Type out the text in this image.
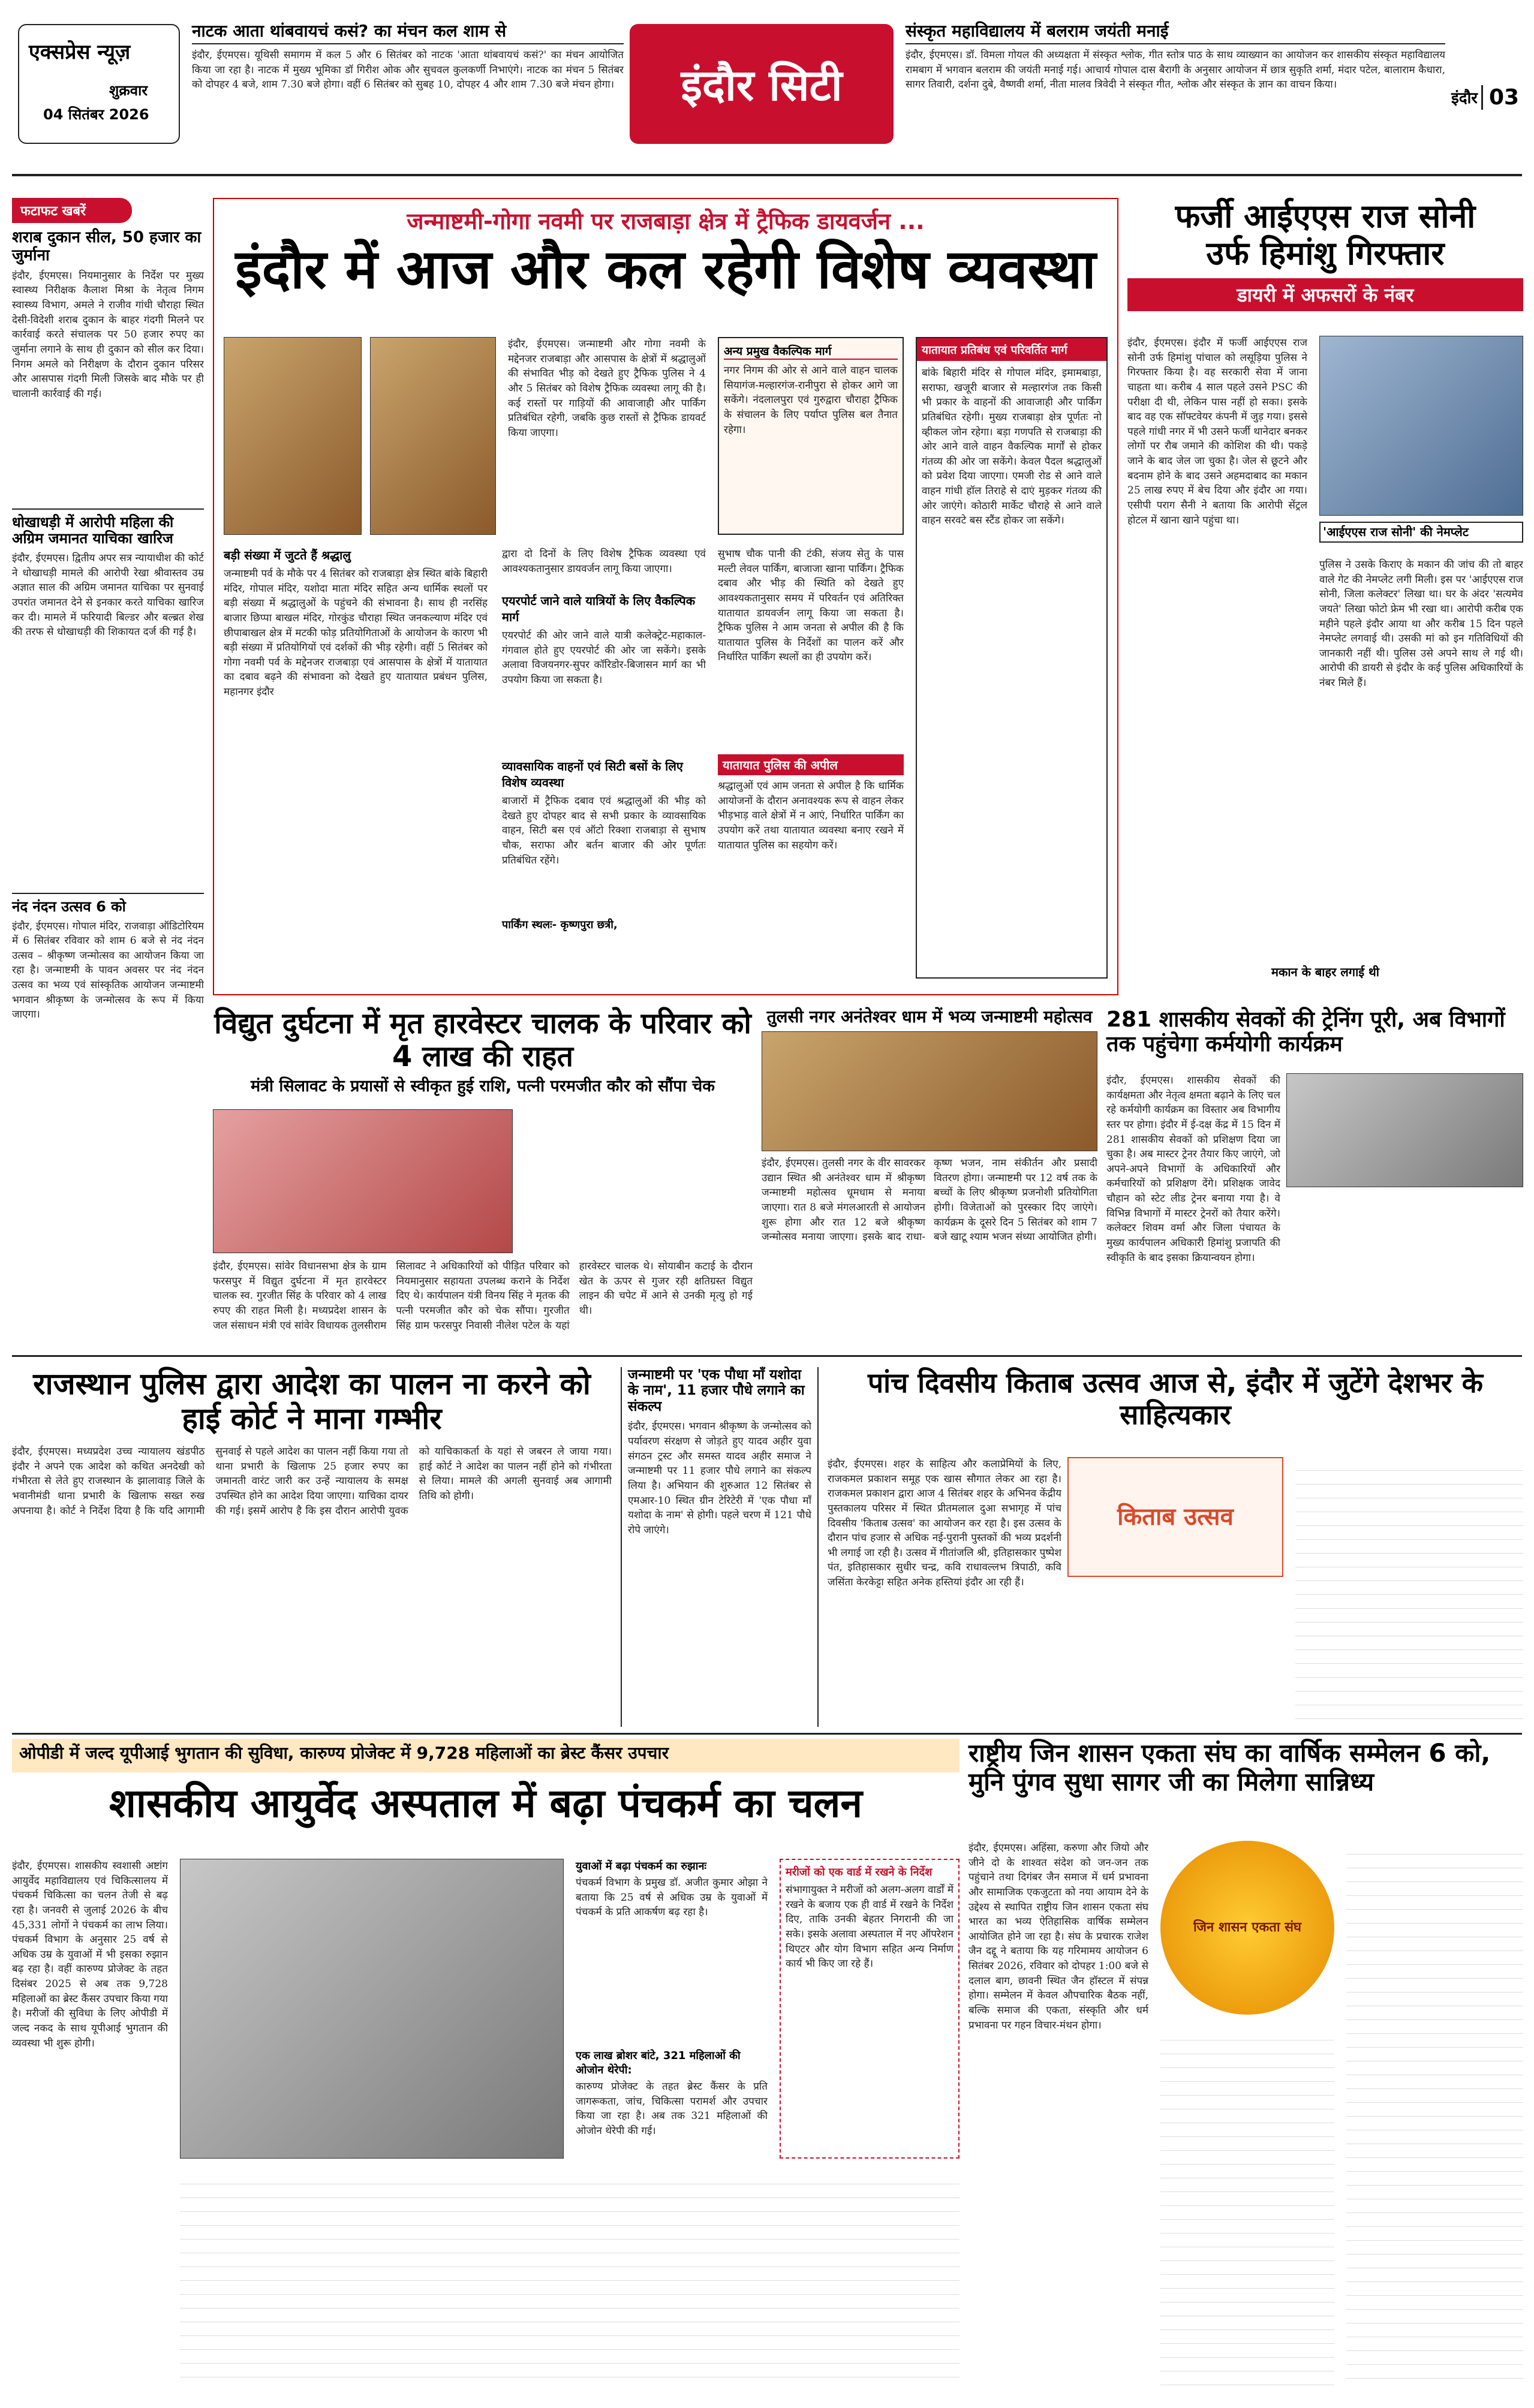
एक्सप्रेस न्यूज़
शुक्रवार
04 सितंबर 2026
नाटक आता थांबवायचं कसं? का मंचन कल शाम से
इंदौर, ईएमएस। यूथिसी समागम में कल 5 और 6 सितंबर को नाटक 'आता थांबवायचं कसं?' का मंचन आयोजित किया जा रहा है। नाटक में मुख्य भूमिका डॉ गिरीश ओक और सुचवल कुलकर्णी निभाएंगे। नाटक का मंचन 5 सितंबर को दोपहर 4 बजे, शाम 7.30 बजे होगा। वहीं 6 सितंबर को सुबह 10, दोपहर 4 और शाम 7.30 बजे मंचन होगा। इंदौर सिटी
संस्कृत महाविद्यालय में बलराम जयंती मनाई
इंदौर, ईएमएस। डॉ. विमला गोयल की अध्यक्षता में संस्कृत श्लोक, गीत स्तोत्र पाठ के साथ व्याख्यान का आयोजन कर शासकीय संस्कृत महाविद्यालय रामबाग में भगवान बलराम की जयंती मनाई गई। आचार्य गोपाल दास बैरागी के अनुसार आयोजन में छात्र सुकृति शर्मा, मंदार पटेल, बालाराम कैधारा, सागर तिवारी, दर्शना दुबे, वैष्णवी शर्मा, नीता मालव त्रिवेदी ने संस्कृत गीत, श्लोक और संस्कृत के ज्ञान का वाचन किया।
इंदौर 03
फटाफट खबरें
शराब दुकान सील, 50 हजार का जुर्माना
इंदौर, ईएमएस। नियमानुसार के निर्देश पर मुख्य स्वास्थ्य निरीक्षक कैलाश मिश्रा के नेतृत्व निगम स्वास्थ्य विभाग, अमले ने राजीव गांधी चौराहा स्थित देसी-विदेशी शराब दुकान के बाहर गंदगी मिलने पर कार्रवाई करते संचालक पर 50 हजार रुपए का जुर्माना लगाने के साथ ही दुकान को सील कर दिया। निगम अमले को निरीक्षण के दौरान दुकान परिसर और आसपास गंदगी मिली जिसके बाद मौके पर ही चालानी कार्रवाई की गई।
धोखाधड़ी में आरोपी महिला की अग्रिम जमानत याचिका खारिज
इंदौर, ईएमएस। द्वितीय अपर सत्र न्यायाधीश की कोर्ट ने धोखाधड़ी मामले की आरोपी रेखा श्रीवास्तव उम्र अज्ञात साल की अग्रिम जमानत याचिका पर सुनवाई उपरांत जमानत देने से इनकार करते याचिका खारिज कर दी। मामले में फरियादी बिल्डर और बल्ब्रत शेख की तरफ से धोखाधड़ी की शिकायत दर्ज की गई है।
नंद नंदन उत्सव 6 को
इंदौर, ईएमएस। गोपाल मंदिर, राजवाड़ा ऑडिटोरियम में 6 सितंबर रविवार को शाम 6 बजे से नंद नंदन उत्सव – श्रीकृष्ण जन्मोत्सव का आयोजन किया जा रहा है। जन्माष्टमी के पावन अवसर पर नंद नंदन उत्सव का भव्य एवं सांस्कृतिक आयोजन जन्माष्टमी भगवान श्रीकृष्ण के जन्मोत्सव के रूप में किया जाएगा।
जन्माष्टमी-गोगा नवमी पर राजबाड़ा क्षेत्र में ट्रैफिक डायवर्जन ...
इंदौर में आज और कल रहेगी विशेष व्यवस्था
इंदौर, ईएमएस। जन्माष्टमी और गोगा नवमी के मद्देनजर राजबाड़ा और आसपास के क्षेत्रों में श्रद्धालुओं की संभावित भीड़ को देखते हुए ट्रैफिक पुलिस ने 4 और 5 सितंबर को विशेष ट्रैफिक व्यवस्था लागू की है। कई रास्तों पर गाड़ियों की आवाजाही और पार्किंग प्रतिबंधित रहेगी, जबकि कुछ रास्तों से ट्रैफिक डायवर्ट किया जाएगा।
बड़ी संख्या में जुटते हैं श्रद्धालु
जन्माष्टमी पर्व के मौके पर 4 सितंबर को राजबाड़ा क्षेत्र स्थित बांके बिहारी मंदिर, गोपाल मंदिर, यशोदा माता मंदिर सहित अन्य धार्मिक स्थलों पर बड़ी संख्या में श्रद्धालुओं के पहुंचने की संभावना है। साथ ही नरसिंह बाजार छिप्पा बाखल मंदिर, गोरकुंड चौराहा स्थित जनकल्याण मंदिर एवं छीपाबाखल क्षेत्र में मटकी फोड़ प्रतियोगिताओं के आयोजन के कारण भी बड़ी संख्या में प्रतियोगियों एवं दर्शकों की भीड़ रहेगी। वहीं 5 सितंबर को गोगा नवमी पर्व के मद्देनजर राजबाड़ा एवं आसपास के क्षेत्रों में यातायात का दबाव बढ़ने की संभावना को देखते हुए यातायात प्रबंधन पुलिस, महानगर इंदौर
द्वारा दो दिनों के लिए विशेष ट्रैफिक व्यवस्था एवं आवश्यकतानुसार डायवर्जन लागू किया जाएगा।
एयरपोर्ट जाने वाले यात्रियों के लिए वैकल्पिक मार्ग
एयरपोर्ट की ओर जाने वाले यात्री कलेक्ट्रेट-महाकाल-गंगवाल होते हुए एयरपोर्ट की ओर जा सकेंगे। इसके अलावा विजयनगर-सुपर कॉरिडोर-बिजासन मार्ग का भी उपयोग किया जा सकता है।
व्यावसायिक वाहनों एवं सिटी बसों के लिए विशेष व्यवस्था
बाजारों में ट्रैफिक दबाव एवं श्रद्धालुओं की भीड़ को देखते हुए दोपहर बाद से सभी प्रकार के व्यावसायिक वाहन, सिटी बस एवं ऑटो रिक्शा राजबाड़ा से सुभाष चौक, सराफा और बर्तन बाजार की ओर पूर्णतः प्रतिबंधित रहेंगे।
पार्किंग स्थलः- कृष्णपुरा छत्री,
अन्य प्रमुख वैकल्पिक मार्ग
नगर निगम की ओर से आने वाले वाहन चालक सियागंज-मल्हारगंज-रानीपुरा से होकर आगे जा सकेंगे। नंदलालपुरा एवं गुरुद्वारा चौराहा ट्रैफिक के संचालन के लिए पर्याप्त पुलिस बल तैनात रहेगा।
सुभाष चौक पानी की टंकी, संजय सेतु के पास मल्टी लेवल पार्किंग, बाजाजा खाना पार्किंग। ट्रैफिक दबाव और भीड़ की स्थिति को देखते हुए आवश्यकतानुसार समय में परिवर्तन एवं अतिरिक्त यातायात डायवर्जन लागू किया जा सकता है। ट्रैफिक पुलिस ने आम जनता से अपील की है कि यातायात पुलिस के निर्देशों का पालन करें और निर्धारित पार्किंग स्थलों का ही उपयोग करें।
यातायात पुलिस की अपील
श्रद्धालुओं एवं आम जनता से अपील है कि धार्मिक आयोजनों के दौरान अनावश्यक रूप से वाहन लेकर भीड़भाड़ वाले क्षेत्रों में न आएं, निर्धारित पार्किंग का उपयोग करें तथा यातायात व्यवस्था बनाए रखने में यातायात पुलिस का सहयोग करें।
यातायात प्रतिबंध एवं परिवर्तित मार्ग
बांके बिहारी मंदिर से गोपाल मंदिर, इमामबाड़ा, सराफा, खजूरी बाजार से मल्हारगंज तक किसी भी प्रकार के वाहनों की आवाजाही और पार्किंग प्रतिबंधित रहेगी। मुख्य राजबाड़ा क्षेत्र पूर्णतः नो व्हीकल जोन रहेगा। बड़ा गणपति से राजबाड़ा की ओर आने वाले वाहन वैकल्पिक मार्गों से होकर गंतव्य की ओर जा सकेंगे। केवल पैदल श्रद्धालुओं को प्रवेश दिया जाएगा। एमजी रोड से आने वाले वाहन गांधी हॉल तिराहे से दाएं मुड़कर गंतव्य की ओर जाएंगे। कोठारी मार्केट चौराहे से आने वाले वाहन सरवटे बस स्टैंड होकर जा सकेंगे।
फर्जी आईएएस राज सोनी
उर्फ हिमांशु गिरफ्तार
डायरी में अफसरों के नंबर
इंदौर, ईएमएस। इंदौर में फर्जी आईएएस राज सोनी उर्फ हिमांशु पांचाल को लसूड़िया पुलिस ने गिरफ्तार किया है। वह सरकारी सेवा में जाना चाहता था। करीब 4 साल पहले उसने PSC की परीक्षा दी थी, लेकिन पास नहीं हो सका। इसके बाद वह एक सॉफ्टवेयर कंपनी में जुड़ गया। इससे पहले गांधी नगर में भी उसने फर्जी थानेदार बनकर लोगों पर रौब जमाने की कोशिश की थी। पकड़े जाने के बाद जेल जा चुका है। जेल से छूटने और बदनाम होने के बाद उसने अहमदाबाद का मकान 25 लाख रुपए में बेच दिया और इंदौर आ गया। एसीपी पराग सैनी ने बताया कि आरोपी सेंट्रल होटल में खाना खाने पहुंचा था।
'आईएएस राज सोनी' की नेमप्लेट
पुलिस ने उसके किराए के मकान की जांच की तो बाहर वाले गेट की नेमप्लेट लगी मिली। इस पर 'आईएएस राज सोनी, जिला कलेक्टर' लिखा था। घर के अंदर 'सत्यमेव जयते' लिखा फोटो फ्रेम भी रखा था। आरोपी करीब एक महीने पहले इंदौर आया था और करीब 15 दिन पहले नेमप्लेट लगवाई थी। उसकी मां को इन गतिविधियों की जानकारी नहीं थी। पुलिस उसे अपने साथ ले गई थी। आरोपी की डायरी से इंदौर के कई पुलिस अधिकारियों के नंबर मिले हैं।
मकान के बाहर लगाई थी
विद्युत दुर्घटना में मृत हारवेस्टर चालक के परिवार को 4 लाख की राहत
मंत्री सिलावट के प्रयासों से स्वीकृत हुई राशि, पत्नी परमजीत कौर को सौंपा चेक
इंदौर, ईएमएस। सांवेर विधानसभा क्षेत्र के ग्राम फरसपुर में विद्युत दुर्घटना में मृत हारवेस्टर चालक स्व. गुरजीत सिंह के परिवार को 4 लाख रुपए की राहत मिली है। मध्यप्रदेश शासन के जल संसाधन मंत्री एवं सांवेर विधायक तुलसीराम सिलावट ने अधिकारियों को पीड़ित परिवार को नियमानुसार सहायता उपलब्ध कराने के निर्देश दिए थे। कार्यपालन यंत्री विनय सिंह ने मृतक की पत्नी परमजीत कौर को चेक सौंपा। गुरजीत सिंह ग्राम फरसपुर निवासी नीलेश पटेल के यहां हारवेस्टर चालक थे। सोयाबीन कटाई के दौरान खेत के ऊपर से गुजर रही क्षतिग्रस्त विद्युत लाइन की चपेट में आने से उनकी मृत्यु हो गई थी।
तुलसी नगर अनंतेश्वर धाम में भव्य जन्माष्टमी महोत्सव
इंदौर, ईएमएस। तुलसी नगर के वीर सावरकर उद्यान स्थित श्री अनंतेश्वर धाम में श्रीकृष्ण जन्माष्टमी महोत्सव धूमधाम से मनाया जाएगा। रात 8 बजे मंगलआरती से आयोजन शुरू होगा और रात 12 बजे श्रीकृष्ण जन्मोत्सव मनाया जाएगा। इसके बाद राधा-कृष्ण भजन, नाम संकीर्तन और प्रसादी वितरण होगा। जन्माष्टमी पर 12 वर्ष तक के बच्चों के लिए श्रीकृष्ण प्रजनोशी प्रतियोगिता होगी। विजेताओं को पुरस्कार दिए जाएंगे। कार्यक्रम के दूसरे दिन 5 सितंबर को शाम 7 बजे खाटू श्याम भजन संध्या आयोजित होगी।
281 शासकीय सेवकों की ट्रेनिंग पूरी, अब विभागों तक पहुंचेगा कर्मयोगी कार्यक्रम
इंदौर, ईएमएस। शासकीय सेवकों की कार्यक्षमता और नेतृत्व क्षमता बढ़ाने के लिए चल रहे कर्मयोगी कार्यक्रम का विस्तार अब विभागीय स्तर पर होगा। इंदौर में ई-दक्ष केंद्र में 15 दिन में 281 शासकीय सेवकों को प्रशिक्षण दिया जा चुका है। अब मास्टर ट्रेनर तैयार किए जाएंगे, जो अपने-अपने विभागों के अधिकारियों और कर्मचारियों को प्रशिक्षण देंगे। प्रशिक्षक जावेद चौहान को स्टेट लीड ट्रेनर बनाया गया है। वे विभिन्न विभागों में मास्टर ट्रेनरों को तैयार करेंगे। कलेक्टर शिवम वर्मा और जिला पंचायत के मुख्य कार्यपालन अधिकारी हिमांशु प्रजापति की स्वीकृति के बाद इसका क्रियान्वयन होगा।
राजस्थान पुलिस द्वारा आदेश का पालन ना करने को हाई कोर्ट ने माना गम्भीर
इंदौर, ईएमएस। मध्यप्रदेश उच्च न्यायालय खंडपीठ इंदौर ने अपने एक आदेश को कथित अनदेखी को गंभीरता से लेते हुए राजस्थान के झालावाड़ जिले के भवानीमंडी थाना प्रभारी के खिलाफ सख्त रुख अपनाया है। कोर्ट ने निर्देश दिया है कि यदि आगामी सुनवाई से पहले आदेश का पालन नहीं किया गया तो थाना प्रभारी के खिलाफ 25 हजार रुपए का जमानती वारंट जारी कर उन्हें न्यायालय के समक्ष उपस्थित होने का आदेश दिया जाएगा। याचिका दायर की गई। इसमें आरोप है कि इस दौरान आरोपी युवक को याचिकाकर्ता के यहां से जबरन ले जाया गया। हाई कोर्ट ने आदेश का पालन नहीं होने को गंभीरता से लिया। मामले की अगली सुनवाई अब आगामी तिथि को होगी।
जन्माष्टमी पर 'एक पौधा माँ यशोदा के नाम', 11 हजार पौधे लगाने का संकल्प
इंदौर, ईएमएस। भगवान श्रीकृष्ण के जन्मोत्सव को पर्यावरण संरक्षण से जोड़ते हुए यादव अहीर युवा संगठन ट्रस्ट और समस्त यादव अहीर समाज ने जन्माष्टमी पर 11 हजार पौधे लगाने का संकल्प लिया है। अभियान की शुरुआत 12 सितंबर से एमआर-10 स्थित ग्रीन टेरिटेरी में 'एक पौधा माँ यशोदा के नाम' से होगी। पहले चरण में 121 पौधे रोपे जाएंगे।
पांच दिवसीय किताब उत्सव आज से, इंदौर में जुटेंगे देशभर के साहित्यकार
किताब उत्सव
इंदौर, ईएमएस। शहर के साहित्य और कलाप्रेमियों के लिए, राजकमल प्रकाशन समूह एक खास सौगात लेकर आ रहा है। राजकमल प्रकाशन द्वारा आज 4 सितंबर शहर के अभिनव केंद्रीय पुस्तकालय परिसर में स्थित प्रीतमलाल दुआ सभागृह में पांच दिवसीय 'किताब उत्सव' का आयोजन कर रहा है। इस उत्सव के दौरान पांच हजार से अधिक नई-पुरानी पुस्तकों की भव्य प्रदर्शनी भी लगाई जा रही है। उत्सव में गीतांजलि श्री, इतिहासकार पुष्पेश पंत, इतिहासकार सुधीर चन्द्र, कवि राधावल्लभ त्रिपाठी, कवि जसिंता केरकेट्टा सहित अनेक हस्तियां इंदौर आ रही हैं।
ओपीडी में जल्द यूपीआई भुगतान की सुविधा, कारुण्य प्रोजेक्ट में 9,728 महिलाओं का ब्रेस्ट कैंसर उपचार
शासकीय आयुर्वेद अस्पताल में बढ़ा पंचकर्म का चलन
इंदौर, ईएमएस। शासकीय स्वशासी अष्टांग आयुर्वेद महाविद्यालय एवं चिकित्सालय में पंचकर्म चिकित्सा का चलन तेजी से बढ़ रहा है। जनवरी से जुलाई 2026 के बीच 45,331 लोगों ने पंचकर्म का लाभ लिया। पंचकर्म विभाग के अनुसार 25 वर्ष से अधिक उम्र के युवाओं में भी इसका रुझान बढ़ रहा है। वहीं कारुण्य प्रोजेक्ट के तहत दिसंबर 2025 से अब तक 9,728 महिलाओं का ब्रेस्ट कैंसर उपचार किया गया है। मरीजों की सुविधा के लिए ओपीडी में जल्द नकद के साथ यूपीआई भुगतान की व्यवस्था भी शुरू होगी।
युवाओं में बढ़ा पंचकर्म का रुझानः
पंचकर्म विभाग के प्रमुख डॉ. अजीत कुमार ओझा ने बताया कि 25 वर्ष से अधिक उम्र के युवाओं में पंचकर्म के प्रति आकर्षण बढ़ रहा है।
एक लाख ब्रोशर बांटे, 321 महिलाओं की ओजोन थेरेपी:
कारुण्य प्रोजेक्ट के तहत ब्रेस्ट कैंसर के प्रति जागरूकता, जांच, चिकित्सा परामर्श और उपचार किया जा रहा है। अब तक 321 महिलाओं की ओजोन थेरेपी की गई।
मरीजों को एक वार्ड में रखने के निर्देश
संभागायुक्त ने मरीजों को अलग-अलग वार्डों में रखने के बजाय एक ही वार्ड में रखने के निर्देश दिए, ताकि उनकी बेहतर निगरानी की जा सके। इसके अलावा अस्पताल में नए ऑपरेशन थिएटर और योग विभाग सहित अन्य निर्माण कार्य भी किए जा रहे हैं।
राष्ट्रीय जिन शासन एकता संघ का वार्षिक सम्मेलन 6 को, मुनि पुंगव सुधा सागर जी का मिलेगा सान्निध्य
जिन शासन एकता संघ
इंदौर, ईएमएस। अहिंसा, करुणा और जियो और जीने दो के शाश्वत संदेश को जन-जन तक पहुंचाने तथा दिगंबर जैन समाज में धर्म प्रभावना और सामाजिक एकजुटता को नया आयाम देने के उद्देश्य से स्थापित राष्ट्रीय जिन शासन एकता संघ भारत का भव्य ऐतिहासिक वार्षिक सम्मेलन आयोजित होने जा रहा है। संघ के प्रचारक राजेश जैन दद्दू ने बताया कि यह गरिमामय आयोजन 6 सितंबर 2026, रविवार को दोपहर 1:00 बजे से दलाल बाग, छावनी स्थित जैन हॉस्टल में संपन्न होगा। सम्मेलन में केवल औपचारिक बैठक नहीं, बल्कि समाज की एकता, संस्कृति और धर्म प्रभावना पर गहन विचार-मंथन होगा।
